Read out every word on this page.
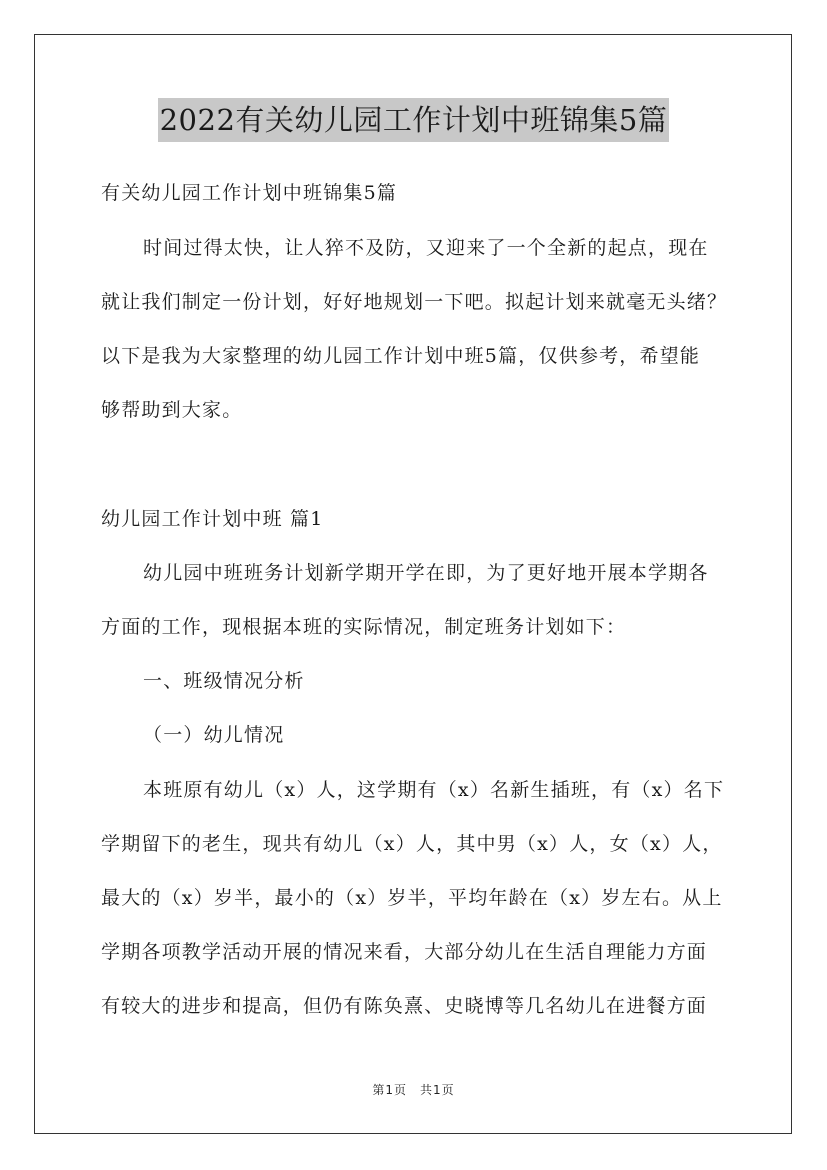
2022有关幼儿园工作计划中班锦集5篇
有关幼儿园工作计划中班锦集5篇
时间过得太快，让人猝不及防，又迎来了一个全新的起点，现在
就让我们制定一份计划，好好地规划一下吧。拟起计划来就毫无头绪？
以下是我为大家整理的幼儿园工作计划中班5篇，仅供参考，希望能
够帮助到大家。
幼儿园工作计划中班 篇1
幼儿园中班班务计划新学期开学在即，为了更好地开展本学期各
方面的工作，现根据本班的实际情况，制定班务计划如下：
一、班级情况分析
（一）幼儿情况
本班原有幼儿（x）人，这学期有（x）名新生插班，有（x）名下
学期留下的老生，现共有幼儿（x）人，其中男（x）人，女（x）人，
最大的（x）岁半，最小的（x）岁半，平均年龄在（x）岁左右。从上
学期各项教学活动开展的情况来看，大部分幼儿在生活自理能力方面
有较大的进步和提高，但仍有陈奂熹、史晓博等几名幼儿在进餐方面
第1页　共1页
